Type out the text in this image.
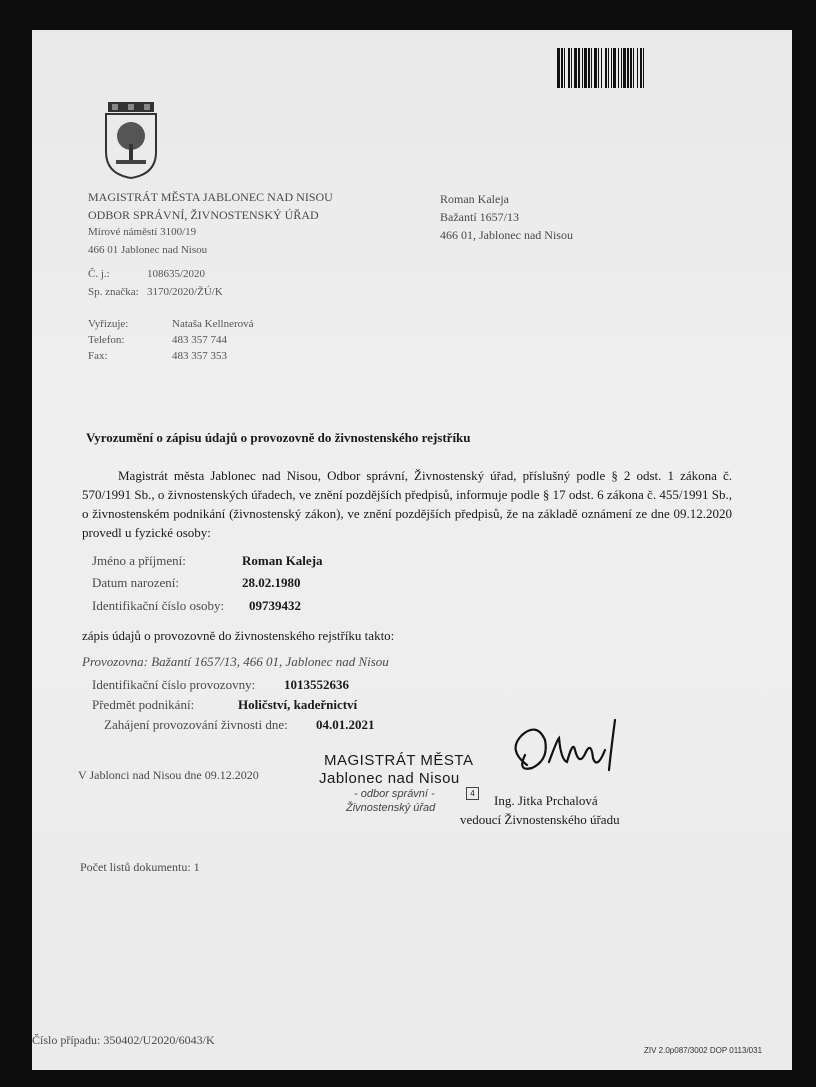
MAGISTRÁT MĚSTA JABLONEC NAD NISOU
ODBOR SPRÁVNÍ, ŽIVNOSTENSKÝ ÚŘAD
Mírové náměstí 3100/19
466 01 Jablonec nad Nisou
Č. j.:	108635/2020
Sp. značka: 3170/2020/ŽÚ/K
Vyřizuje:	Nataša Kellnerová
Telefon:	483 357 744
Fax:	483 357 353
Roman Kaleja
Bažantí 1657/13
466 01, Jablonec nad Nisou
Vyrozumění o zápisu údajů o provozovně do živnostenského rejstříku

Magistrát města Jablonec nad Nisou, Odbor správní, Živnostenský úřad, příslušný podle § 2 odst. 1 zákona č. 570/1991 Sb., o živnostenských úřadech, ve znění pozdějších předpisů, informuje podle § 17 odst. 6 zákona č. 455/1991 Sb., o živnostenském podnikání (živnostenský zákon), ve znění pozdějších předpisů, že na základě oznámení ze dne 09.12.2020 provedl u fyzické osoby:

Jméno a příjmení:	Roman Kaleja
Datum narození:	28.02.1980
Identifikační číslo osoby: 09739432
zápis údajů o provozovně do živnostenského rejstříku takto:
Provozovna: Bažantí 1657/13, 466 01, Jablonec nad Nisou
Identifikační číslo provozovny: 1013552636
Předmět podnikání:	Holičství, kadeřnictví
Zahájení provozování živnosti dne: 04.01.2021
V Jablonci nad Nisou dne 09.12.2020
MAGISTRÁT MĚSTA
Jablonec nad Nisou
- odbor správní -
Živnostenský úřad
4	Ing. Jitka Prchalová
vedoucí Živnostenského úřadu
Počet listů dokumentu: 1
Číslo případu: 350402/U2020/6043/K
ZIV 2.0p087/3002 DOP 0113/031
